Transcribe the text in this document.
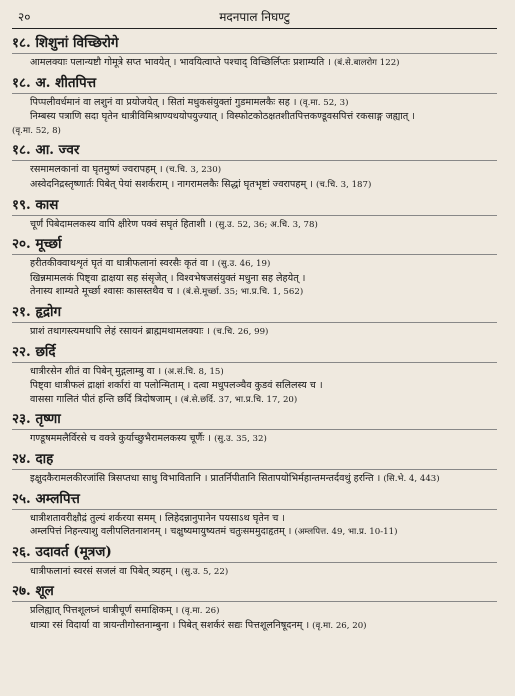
२०	मदनपाल निघण्टु
१८. शिशुनां विच्छिरोगे
आमलक्याः पलान्यष्टौ गोमूत्रे सप्त भावयेत् । भावयित्वाप्ते पश्चाद् विच्छिर्लिप्तः प्रशाम्यति । (बं.से.बालरोग 122)
१८. अ. शीतपित्त
पिप्पलीवर्धमानं वा लशुनं वा प्रयोजयेत् । सितां मधुकसंयुक्तां गुडमामलकैः सह । (वृ.मा. 52, 3)
निम्बस्य पत्राणि सदा घृतेन धात्रीविमिश्राण्यथयोपयुज्यात् । विस्फोटकोठक्षतशीतपित्तकण्डूवसपित्तं रकसाङ्ग जह्यात् ।
(वृ.मा. 52, 8)
१८. आ. ज्वर
रसमामलकानां वा घृतमुष्णं ज्वरापहम् । (च.चि. 3, 230)
अस्वेदनिद्रस्तृष्णार्तः पिबेत् पेयां सशर्कराम् । नागरामलकैः सिद्धां घृतभृष्टां ज्वरापहम् । (च.चि. 3, 187)
१९. कास
चूर्णं पिबेदामलकस्य वापि क्षीरेण पक्वं सघृतं हिताशी । (सु.उ. 52, 36; अ.चि. 3, 78)
२०. मूर्च्छा
हरीतकीक्वाथशृतं घृतं वा धात्रीफलानां स्वरसैः कृतं वा । (सु.उ. 46, 19)
खिन्नमामलकं पिष्ट्वा द्राक्षया सह संसृजेत् । विश्वभेषजसंयुक्तं मधुना सह लेहयेत् ।
तेनास्य शाम्यते मूर्च्छा श्वासः कासस्तथैव च । (बं.से.मूर्च्छा. 35; भा.प्र.चि. 1, 562)
२१. हृद्रोग
प्राशं तथागस्त्यमथापि लेहं रसायनं ब्राह्ममथामलक्याः । (च.चि. 26, 99)
२२. छर्दि
धात्रीरसेन शीतं वा पिबेन् मुद्गलाम्बु वा । (अ.सं.चि. 8, 15)
पिष्ट्वा धात्रीफलं द्राक्षां शर्कारां वा पलोन्मिताम् । दत्वा मधुपलञ्चैव कुडवं सलिलस्य च ।
वाससा गालितं पीतं हन्ति छर्दि त्रिदोषजाम् । (बं.से.छर्दि. 37, भा.प्र.चि. 17, 20)
२३. तृष्णा
गण्डूषममलैर्विरसे च वक्त्रे कुर्याच्छुभैरामलकस्य चूर्णैः । (सु.उ. 35, 32)
२४. दाह
इक्षुदकैरामलकीरजांसि त्रिसप्तधा साधु विभावितानि । प्रातर्निपीतानि सितापयोभिर्महान्तमन्तर्दवथुं हरन्ति । (सि.भे. 4, 443)
२५. अम्लपित्त
धात्रीशतावरीक्षौद्रं तुल्यं शर्करया समम् । लिहेदन्नानुपानेन पयसाऽथ घृतेन च ।
अम्लपित्तं निहन्त्याशु वलीपलितनाशनम् । चक्षुष्यमायुष्यतमं चतुःसममुदाहृतम् । (अम्लपित्त. 49, भा.प्र. 10-11)
२६. उदावर्त (मूत्रज)
धात्रीफलानां स्वरसं सजलं वा पिबेत् त्र्यहम् । (सु.उ. 5, 22)
२७. शूल
प्रलिह्यात् पित्तशूलघ्नं धात्रीचूर्णं समाक्षिकम् । (वृ.मा. 26)
धात्र्या रसं विदार्या वा त्रायन्तीगोस्तनाम्बुना । पिबेत् सशर्करं सद्यः पित्तशूलनिषूदनम् । (वृ.मा. 26, 20)
